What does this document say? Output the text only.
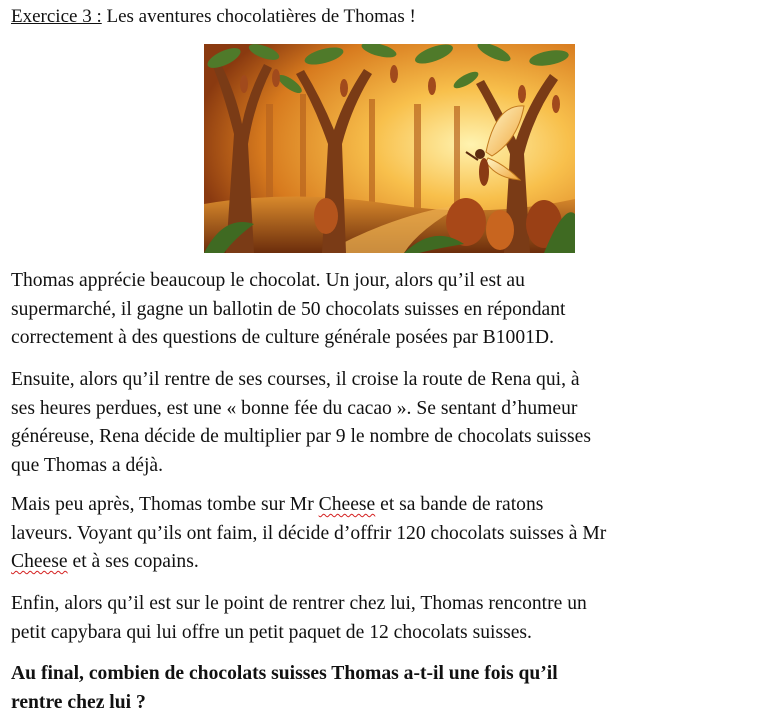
Exercice 3 : Les aventures chocolatières de Thomas !

Thomas apprécie beaucoup le chocolat. Un jour, alors qu’il est au
supermarché, il gagne un ballotin de 50 chocolats suisses en répondant
correctement à des questions de culture générale posées par B1001D.

Ensuite, alors qu’il rentre de ses courses, il croise la route de Rena qui, à
ses heures perdues, est une « bonne fée du cacao ». Se sentant d’humeur
généreuse, Rena décide de multiplier par 9 le nombre de chocolats suisses
que Thomas a déjà.

Mais peu après, Thomas tombe sur Mr Cheese et sa bande de ratons
laveurs. Voyant qu’ils ont faim, il décide d’offrir 120 chocolats suisses à Mr
Cheese et à ses copains.

Enfin, alors qu’il est sur le point de rentrer chez lui, Thomas rencontre un
petit capybara qui lui offre un petit paquet de 12 chocolats suisses.

Au final, combien de chocolats suisses Thomas a-t-il une fois qu’il
rentre chez lui ?
